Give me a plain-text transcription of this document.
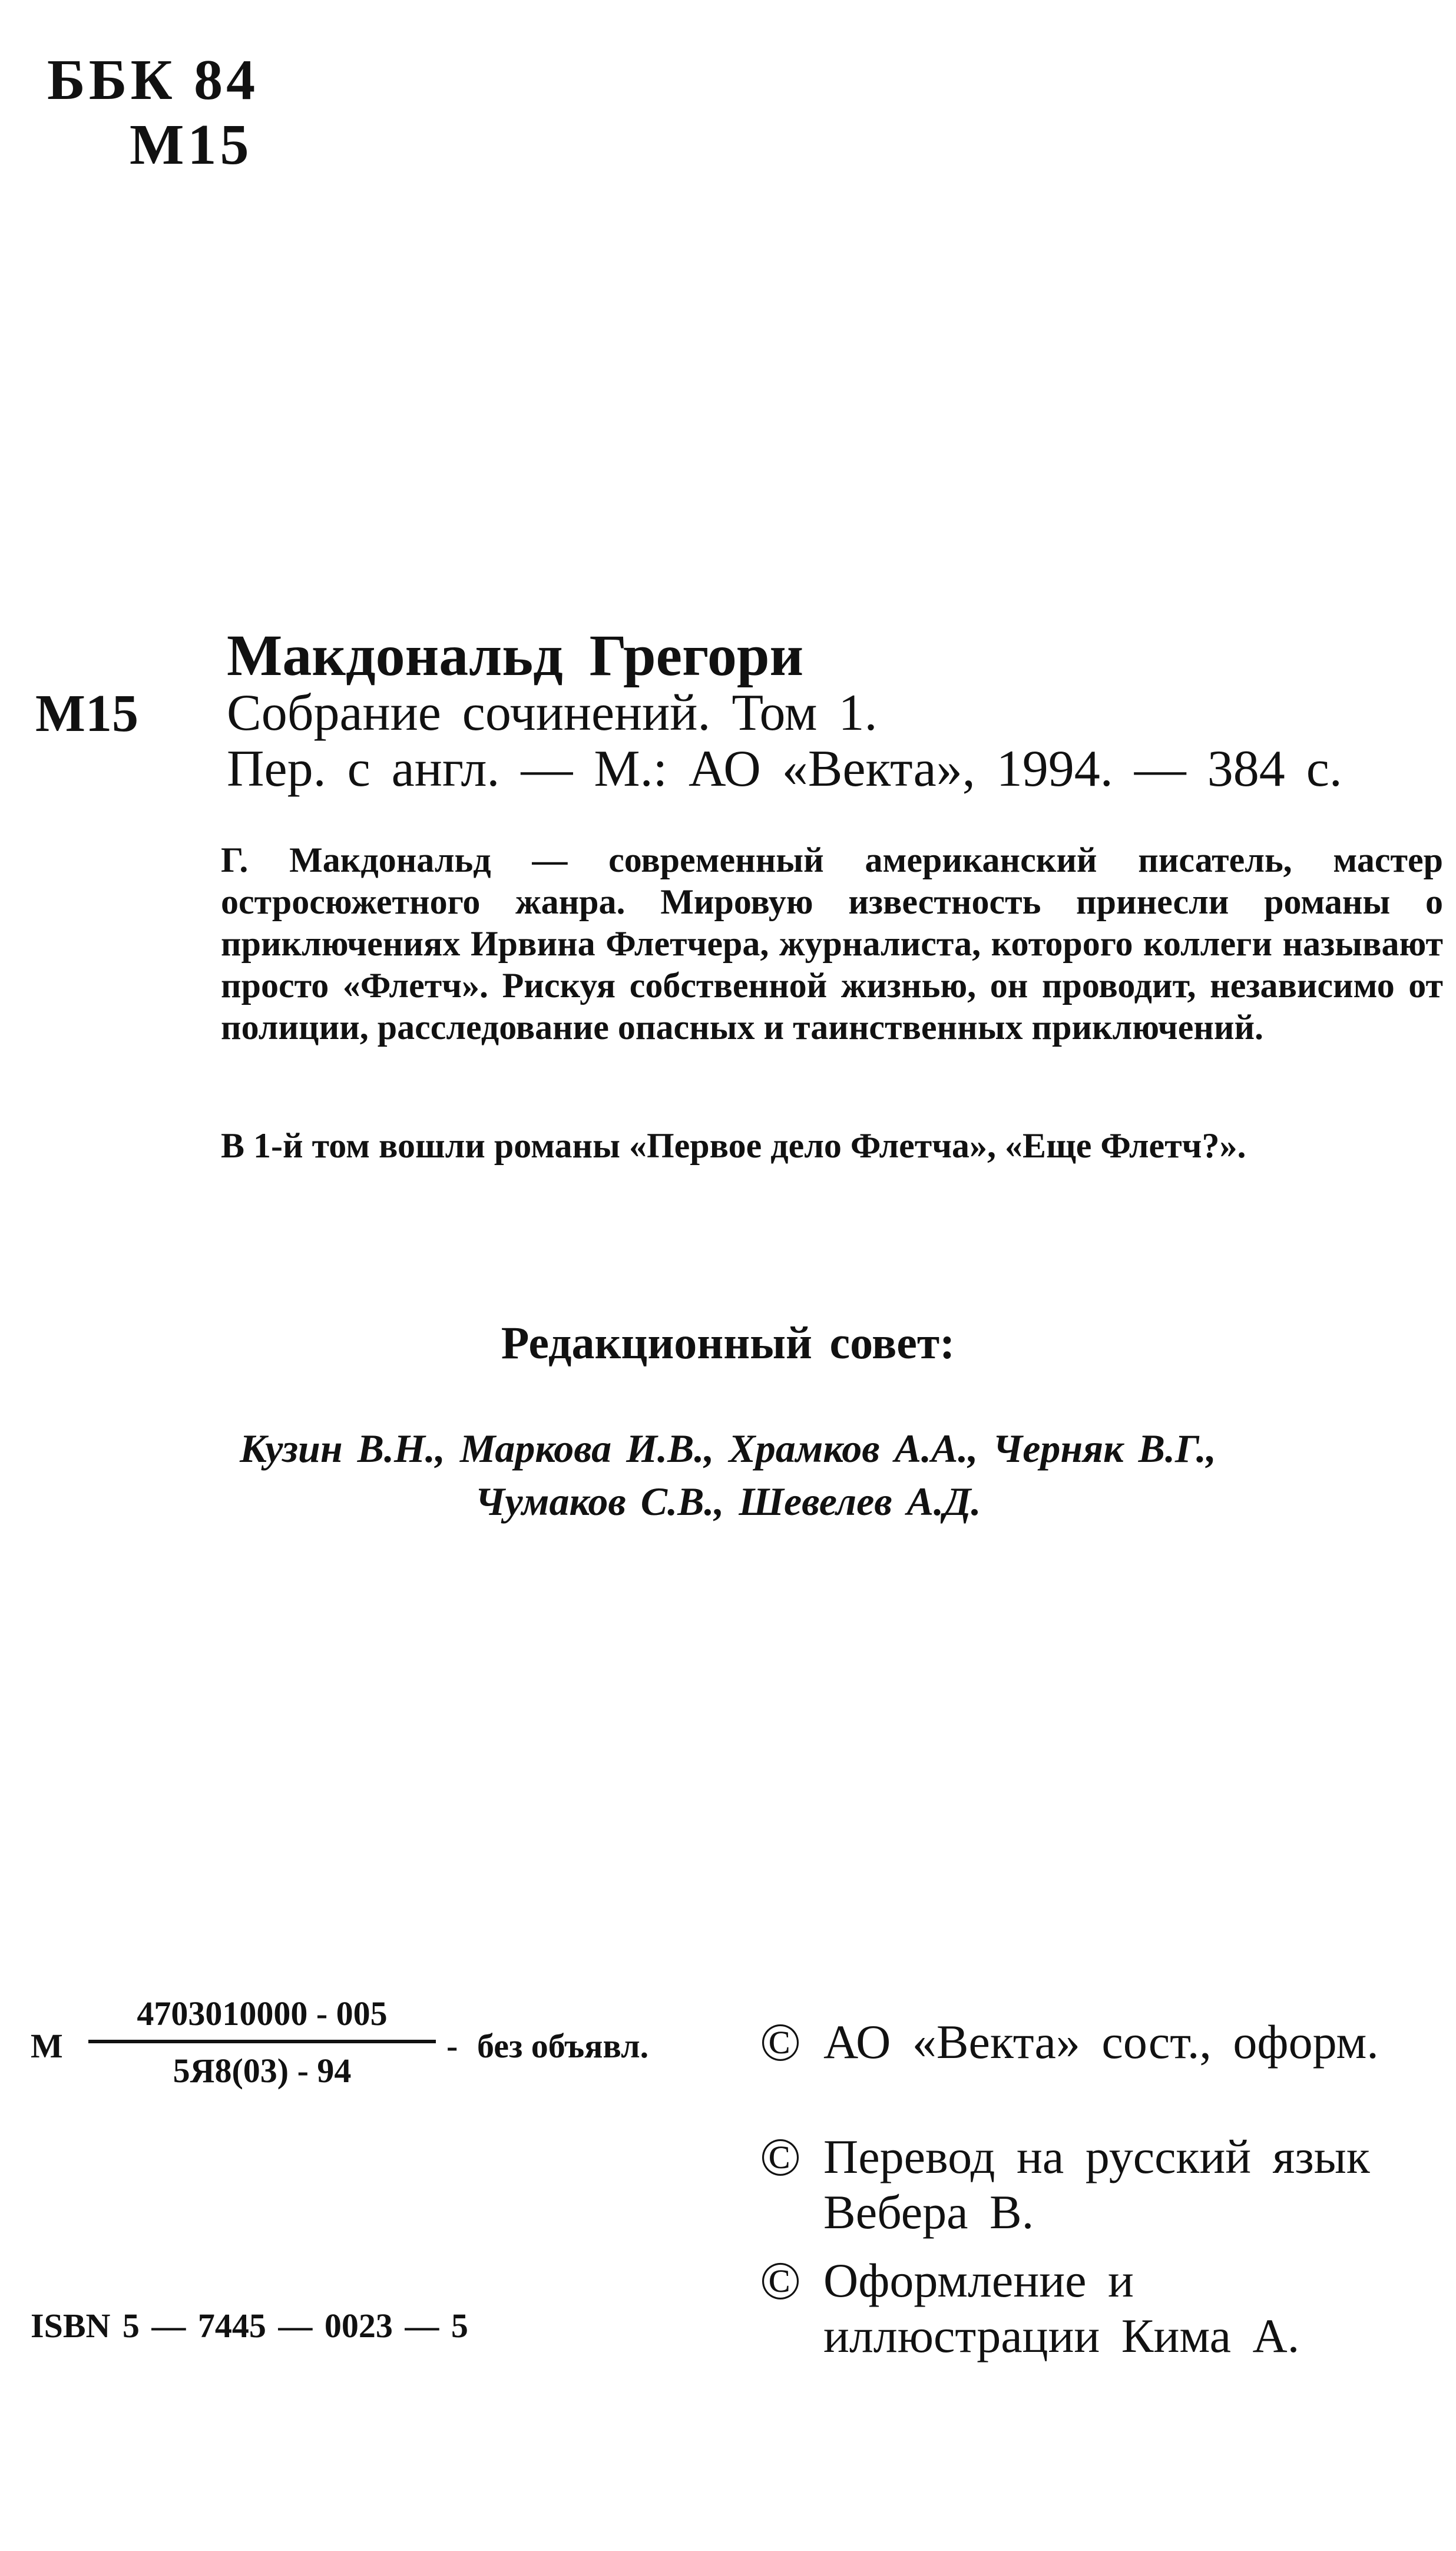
ББК 84
М15
Макдональд Грегори
М15 Собрание сочинений. Том 1.
Пер. с англ. — М.: АО «Векта», 1994. — 384 с.
Г. Макдональд — современный американский писатель, мастер остросюжетного жанра. Мировую известность принесли романы о приключениях Ирвина Флетчера, журналиста, которого коллеги называют просто «Флетч». Рискуя собственной жизнью, он проводит, независимо от полиции, расследование опасных и таинственных приключений.
В 1-й том вошли романы «Первое дело Флетча», «Еще Флетч?».
Редакционный совет:
Кузин В.Н., Маркова И.В., Храмков А.А., Черняк В.Г.,
Чумаков С.В., Шевелев А.Д.
М
4703010000 - 005
5Я8(03) - 94
- без объявл.
ISBN 5 — 7445 — 0023 — 5
© АО «Векта» сост., оформ.
© Перевод на русский язык Вебера В.
© Оформление и иллюстрации Кима А.
